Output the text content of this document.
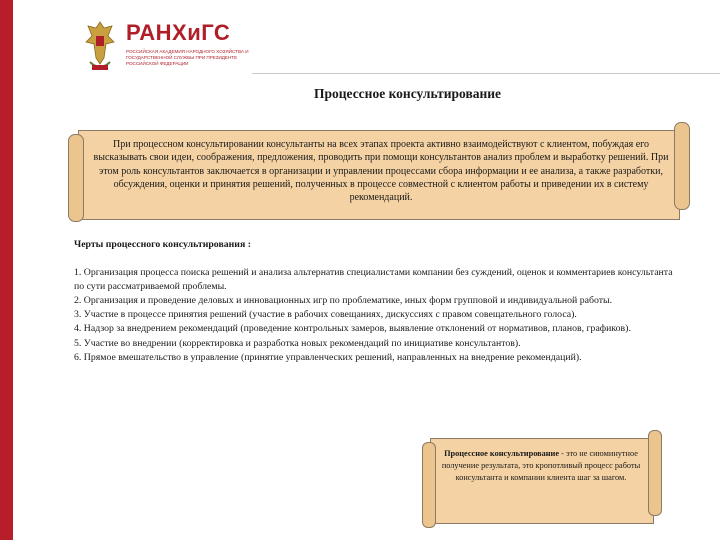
РАНХиГС
РОССИЙСКАЯ АКАДЕМИЯ НАРОДНОГО ХОЗЯЙСТВА И ГОСУДАРСТВЕННОЙ СЛУЖБЫ ПРИ ПРЕЗИДЕНТЕ РОССИЙСКОЙ ФЕДЕРАЦИИ
Процессное консультирование
При процессном консультировании консультанты на всех этапах проекта активно взаимодействуют с клиентом, побуждая его высказывать свои идеи, соображения, предложения, проводить при помощи консультантов анализ проблем и выработку решений. При этом роль консультантов заключается в организации и управлении процессами сбора информации и ее анализа, а также разработки, обсуждения, оценки и принятия решений, полученных в процессе совместной с клиентом работы и приведении их в систему рекомендаций.
Черты процессного консультирования :

1. Организация процесса поиска решений и анализа альтернатив специалистами компании без суждений, оценок и комментариев консультанта по сути рассматриваемой проблемы.

2. Организация и проведение деловых и инновационных игр по проблематике, иных форм групповой и индивидуальной работы.

3. Участие в процессе принятия решений (участие в рабочих совещаниях, дискуссиях с правом совещательного голоса).

4. Надзор за внедрением рекомендаций (проведение контрольных замеров, выявление отклонений от нормативов, планов, графиков).

5. Участие во внедрении (корректировка и разработка новых рекомендаций по инициативе консультантов).

6. Прямое вмешательство в управление (принятие управленческих решений, направленных на внедрение рекомендаций).

Процессное консультирование - это не сиюминутное получение результата, это кропотливый процесс работы консультанта и компании клиента шаг за шагом.
